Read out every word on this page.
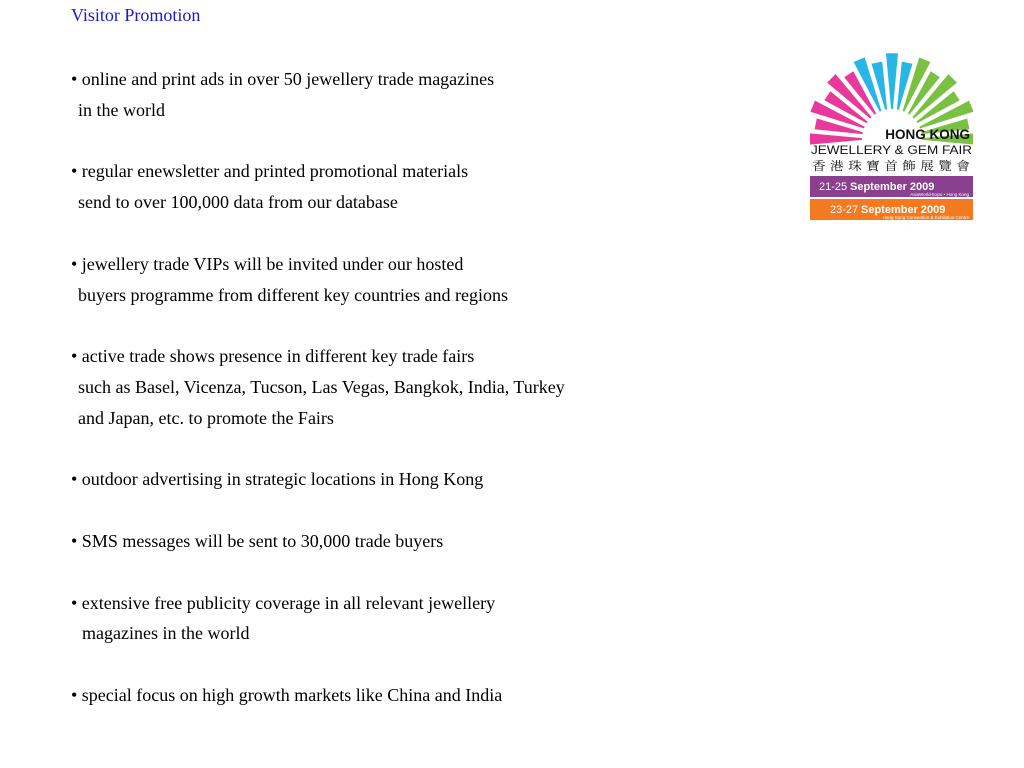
Visitor Promotion
• online and print ads in over 50 jewellery trade magazines
in the world
• regular enewsletter and printed promotional materials
send to over 100,000 data from our database
• jewellery trade VIPs will be invited under our hosted
buyers programme from different key countries and regions
• active trade shows presence in different key trade fairs
such as Basel, Vicenza, Tucson, Las Vegas, Bangkok, India, Turkey
and Japan, etc. to promote the Fairs
• outdoor advertising in strategic locations in Hong Kong
• SMS messages will be sent to 30,000 trade buyers
• extensive free publicity coverage in all relevant jewellery
magazines in the world
• special focus on high growth markets like China and India
HONG KONG
JEWELLERY & GEM FAIR
香 港 珠 寶 首 飾 展 覽 會
21-25 September 2009
AsiaWorld-Expo • Hong Kong
23-27 September 2009
Hong Kong Convention & Exhibition Centre
